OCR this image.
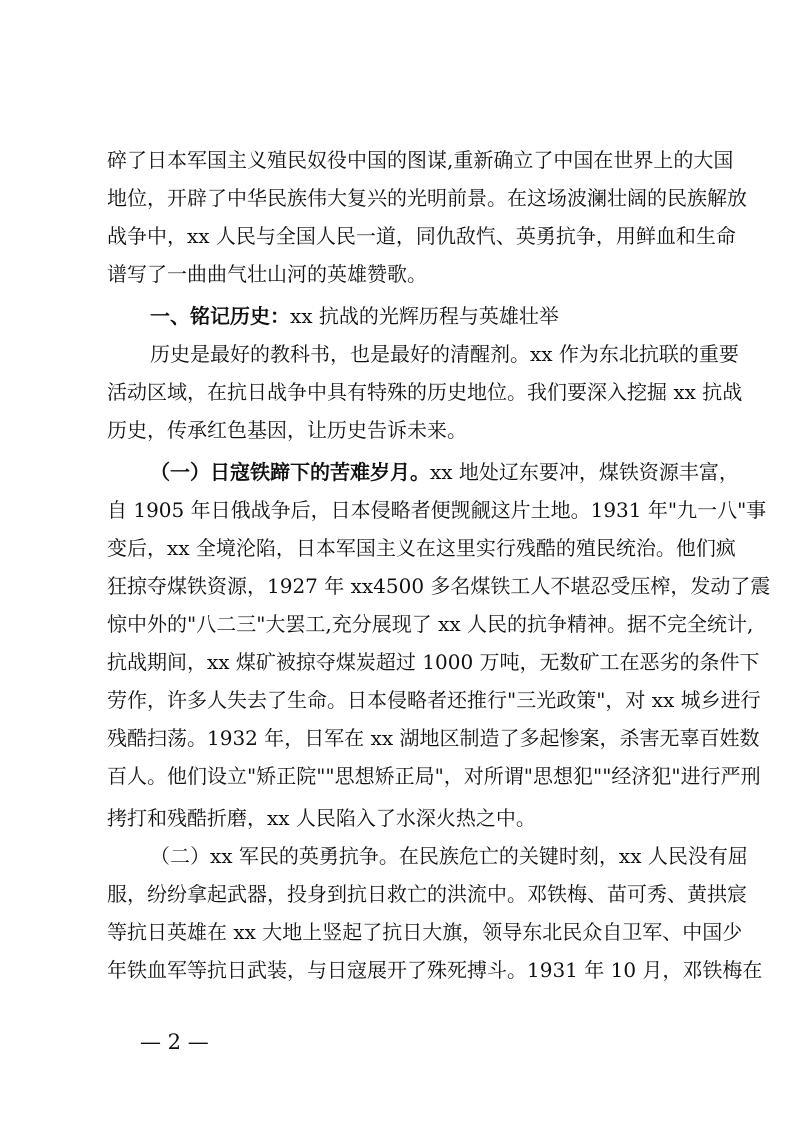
碎了日本军国主义殖民奴役中国的图谋,重新确立了中国在世界上的大国
地位，开辟了中华民族伟大复兴的光明前景。在这场波澜壮阔的民族解放
战争中，xx 人民与全国人民一道，同仇敌忾、英勇抗争，用鲜血和生命
谱写了一曲曲气壮山河的英雄赞歌。
一、铭记历史：xx 抗战的光辉历程与英雄壮举
历史是最好的教科书，也是最好的清醒剂。xx 作为东北抗联的重要
活动区域，在抗日战争中具有特殊的历史地位。我们要深入挖掘 xx 抗战
历史，传承红色基因，让历史告诉未来。
（一）日寇铁蹄下的苦难岁月。xx 地处辽东要冲，煤铁资源丰富，
自 1905 年日俄战争后，日本侵略者便觊觎这片土地。1931 年"九一八"事
变后，xx 全境沦陷，日本军国主义在这里实行残酷的殖民统治。他们疯
狂掠夺煤铁资源，1927 年 xx4500 多名煤铁工人不堪忍受压榨，发动了震
惊中外的"八二三"大罢工,充分展现了 xx 人民的抗争精神。据不完全统计,
抗战期间，xx 煤矿被掠夺煤炭超过 1000 万吨，无数矿工在恶劣的条件下
劳作，许多人失去了生命。日本侵略者还推行"三光政策"，对 xx 城乡进行
残酷扫荡。1932 年，日军在 xx 湖地区制造了多起惨案，杀害无辜百姓数
百人。他们设立"矫正院""思想矫正局"，对所谓"思想犯""经济犯"进行严刑
拷打和残酷折磨，xx 人民陷入了水深火热之中。
（二）xx 军民的英勇抗争。在民族危亡的关键时刻，xx 人民没有屈
服，纷纷拿起武器，投身到抗日救亡的洪流中。邓铁梅、苗可秀、黄拱宸
等抗日英雄在 xx 大地上竖起了抗日大旗，领导东北民众自卫军、中国少
年铁血军等抗日武装，与日寇展开了殊死搏斗。1931 年 10 月，邓铁梅在
— 2 —
